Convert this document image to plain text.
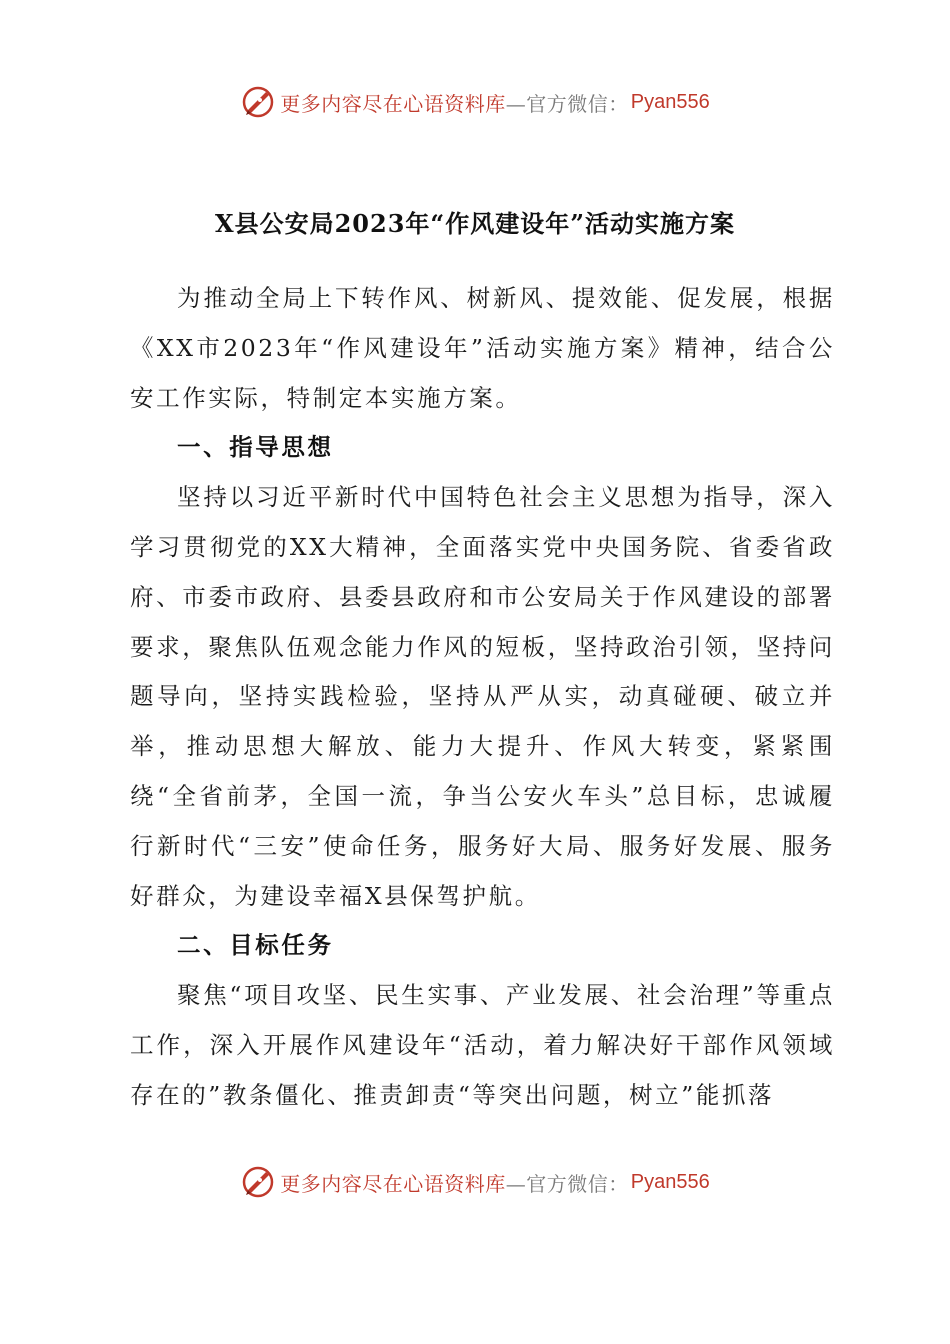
更多内容尽在心语资料库 —官方微信： Pyan556
X县公安局2023年“作风建设年”活动实施方案

为推动全局上下转作风、树新风、提效能、促发展，根据《XX市2023年“作风建设年”活动实施方案》精神，结合公安工作实际，特制定本实施方案。

一、指导思想

坚持以习近平新时代中国特色社会主义思想为指导，深入学习贯彻党的XX大精神，全面落实党中央国务院、省委省政府、市委市政府、县委县政府和市公安局关于作风建设的部署要求，聚焦队伍观念能力作风的短板，坚持政治引领，坚持问题导向，坚持实践检验，坚持从严从实，动真碰硬、破立并举，推动思想大解放、能力大提升、作风大转变，紧紧围绕“全省前茅，全国一流，争当公安火车头”总目标，忠诚履行新时代“三安”使命任务，服务好大局、服务好发展、服务好群众，为建设幸福X县保驾护航。

二、目标任务

聚焦“项目攻坚、民生实事、产业发展、社会治理”等重点工作，深入开展作风建设年“活动，着力解决好干部作风领域存在的”教条僵化、推责卸责“等突出问题，树立”能抓落

更多内容尽在心语资料库 —官方微信： Pyan556
